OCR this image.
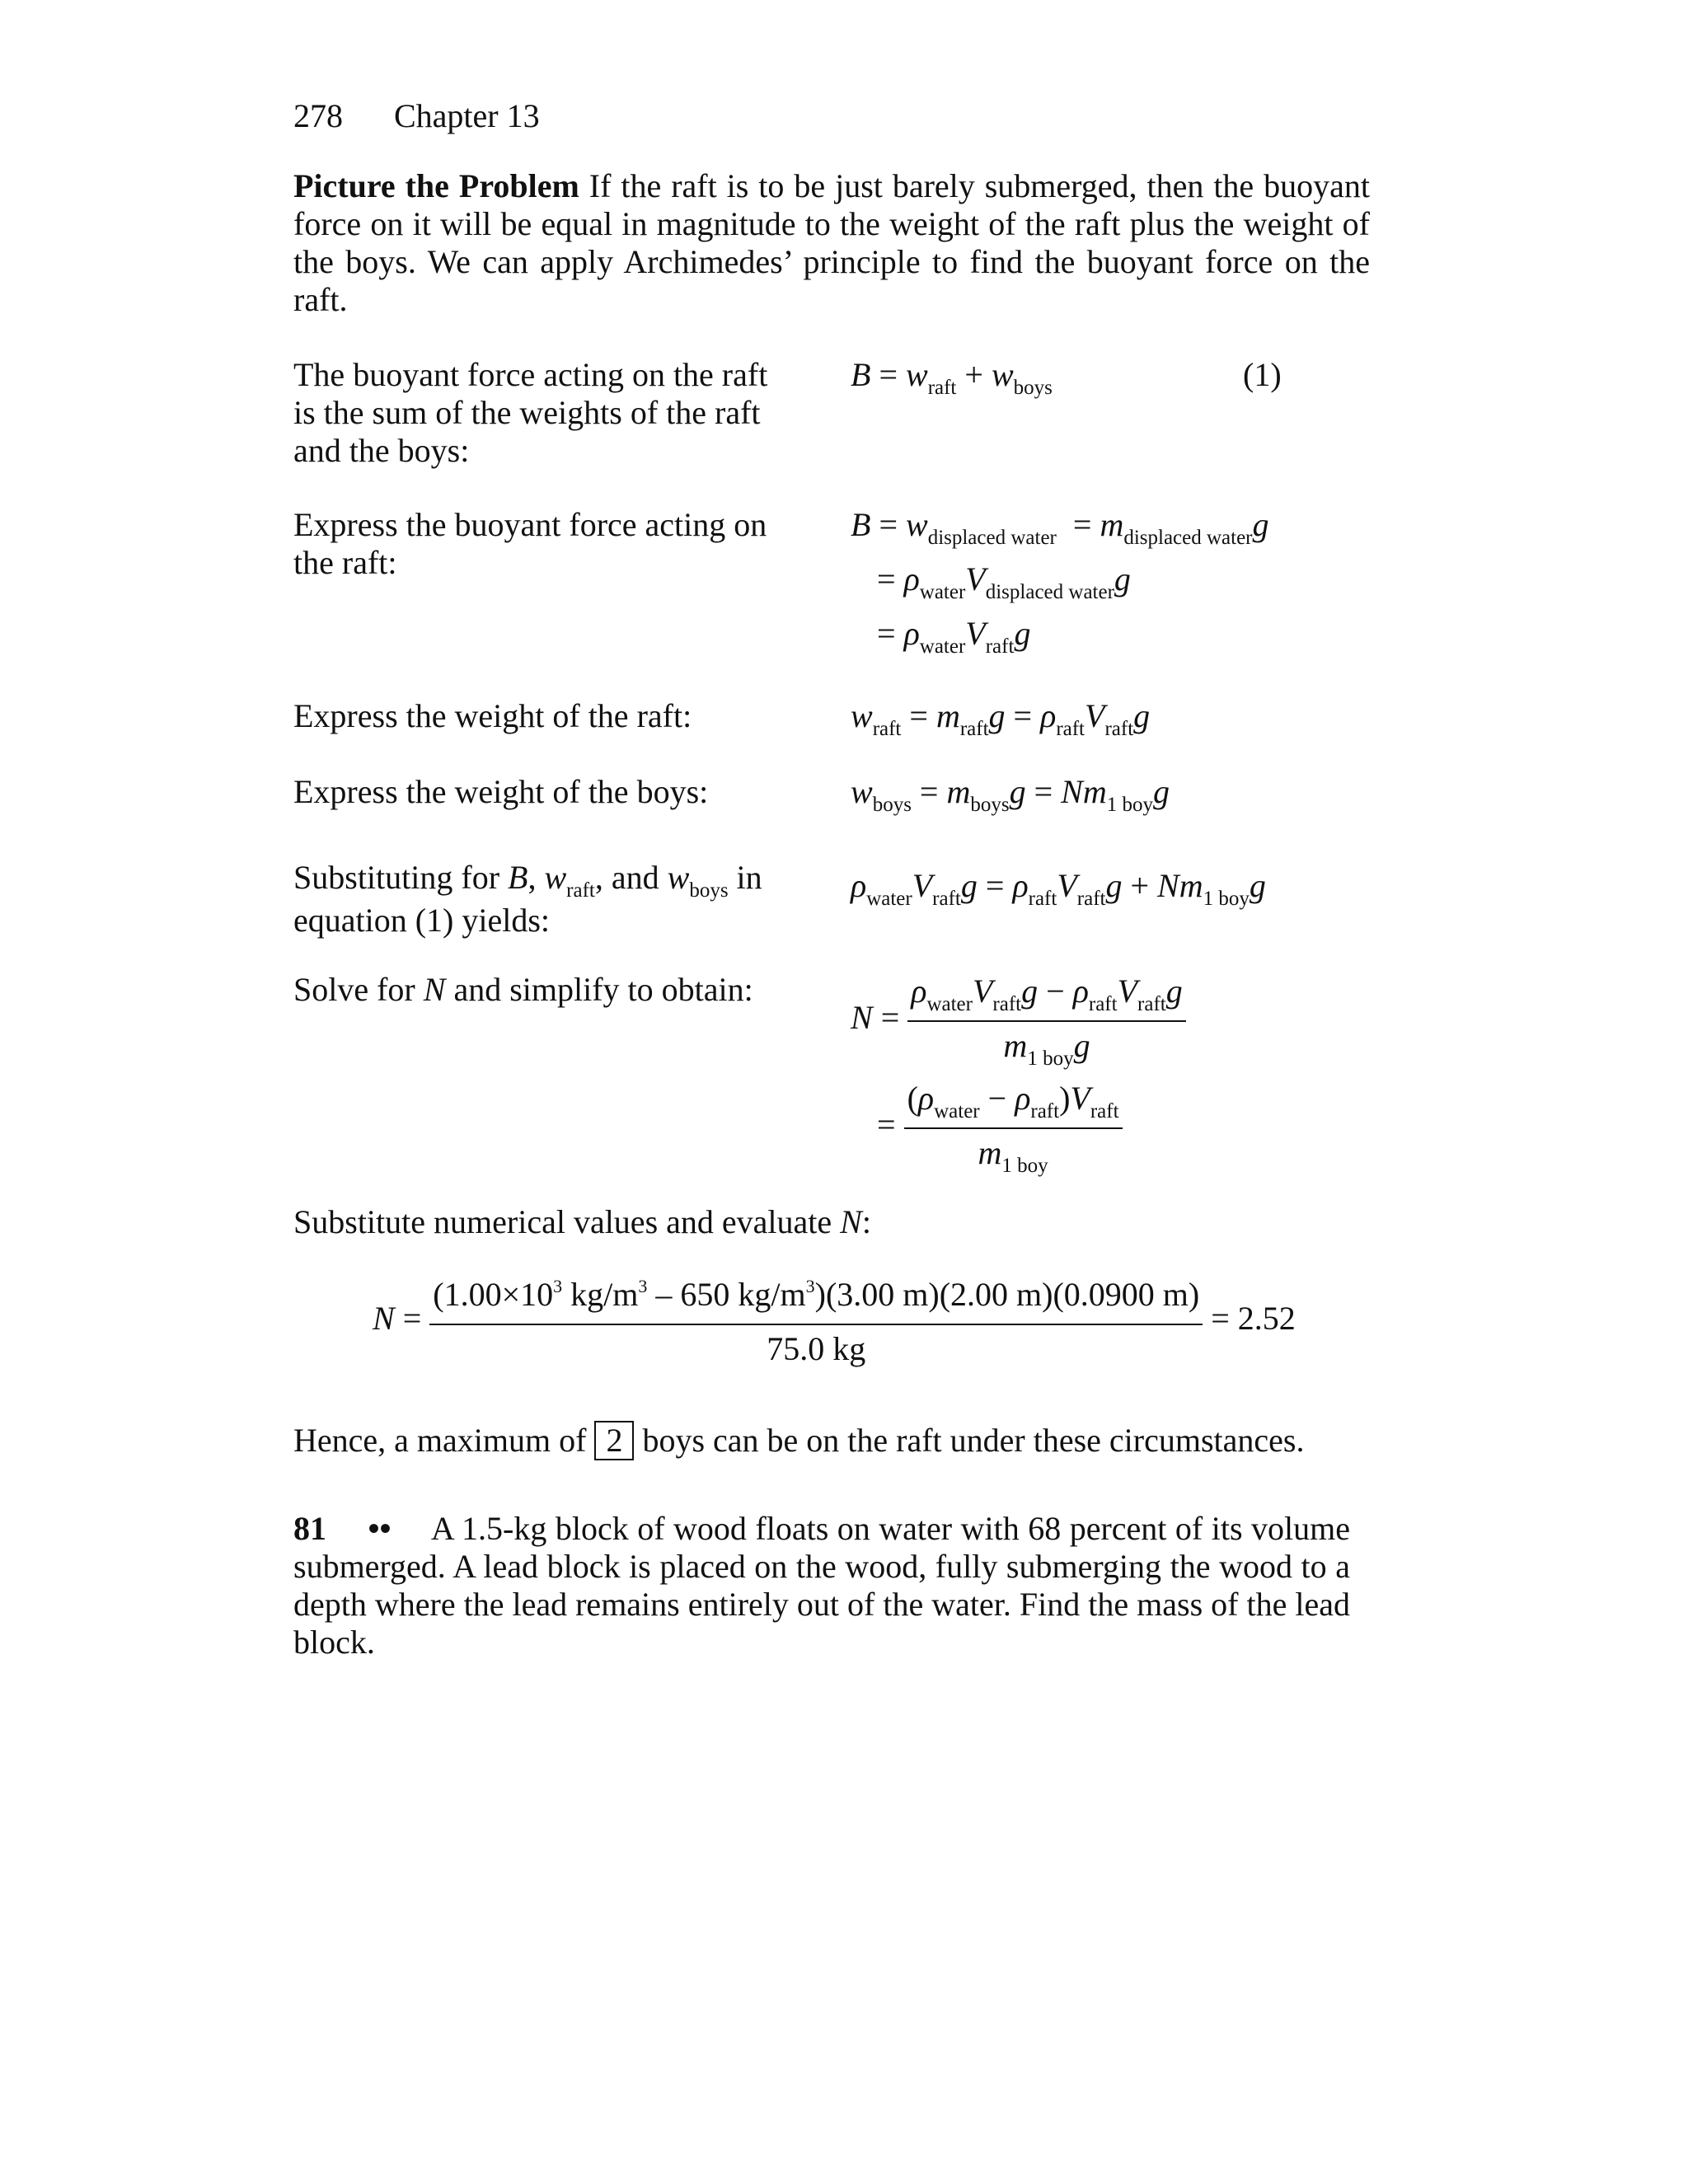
278 Chapter 13
Picture the Problem If the raft is to be just barely submerged, then the buoyant force on it will be equal in magnitude to the weight of the raft plus the weight of the boys. We can apply Archimedes’ principle to find the buoyant force on the raft.
The buoyant force acting on the raft is the sum of the weights of the raft and the boys:
$B = w_{raft} + w_{boys}$	(1)
Express the buoyant force acting on the raft:
$B = w_{displaced water} = m_{displaced water}g$
= $\rho_{water}V_{displaced water}g$
= $\rho_{water}V_{raft}g$
Express the weight of the raft:	$w_{raft} = m_{raft}g = \rho_{raft}V_{raft}g$
Express the weight of the boys:	$w_{boys} = m_{boys}g = Nm_{1 boy}g$
Substituting for B, $w_{raft}$, and $w_{boys}$ in equation (1) yields:
$\rho_{water}V_{raft}g = \rho_{raft}V_{raft}g + Nm_{1 boy}g$
Solve for N and simplify to obtain:
$N = \frac{\rho_{water}V_{raft}g - \rho_{raft}V_{raft}g}{m_{1 boy}g}$
= $\frac{(\rho_{water} - \rho_{raft})V_{raft}}{m_{1 boy}}$
Substitute numerical values and evaluate N:
$N = \frac{(1.00\times 10^3 kg/m^3 - 650 kg/m^3)(3.00 m)(2.00 m)(0.0900 m)}{75.0 kg} = 2.52$
Hence, a maximum of 2 boys can be on the raft under these circumstances.
81 •• A 1.5-kg block of wood floats on water with 68 percent of its volume submerged. A lead block is placed on the wood, fully submerging the wood to a depth where the lead remains entirely out of the water. Find the mass of the lead block.
